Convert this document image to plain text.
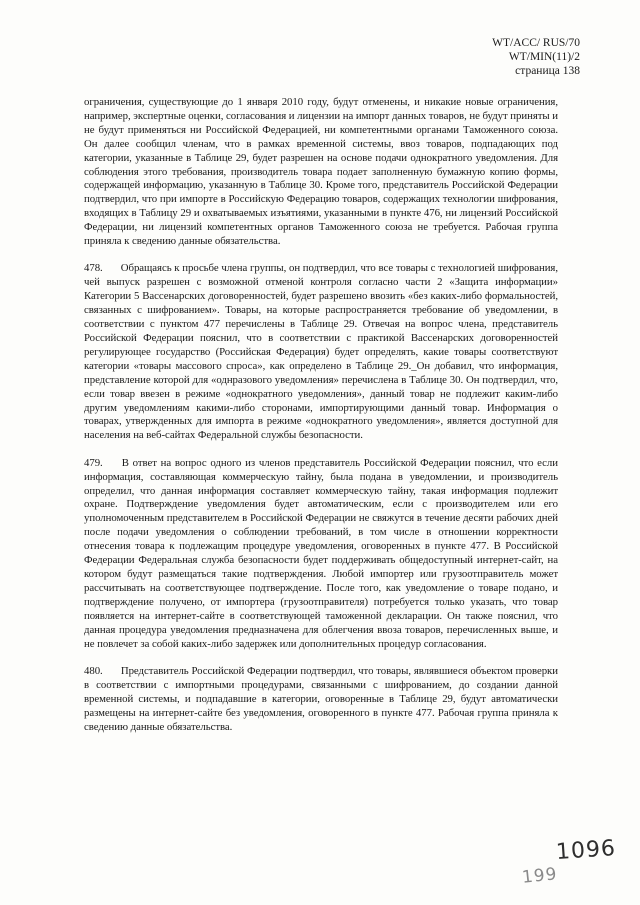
WT/ACC/ RUS/70
WT/MIN(11)/2
страница 138

ограничения, существующие до 1 января 2010 году, будут отменены, и никакие новые ограничения, например, экспертные оценки, согласования и лицензии на импорт данных товаров, не будут приняты и не будут применяться ни Российской Федерацией, ни компетентными органами Таможенного союза. Он далее сообщил членам, что в рамках временной системы, ввоз товаров, подпадающих под категории, указанные в Таблице 29, будет разрешен на основе подачи однократного уведомления. Для соблюдения этого требования, производитель товара подает заполненную бумажную копию формы, содержащей информацию, указанную в Таблице 30. Кроме того, представитель Российской Федерации подтвердил, что при импорте в Российскую Федерацию товаров, содержащих технологии шифрования, входящих в Таблицу 29 и охватываемых изъятиями, указанными в пункте 476, ни лицензий Российской Федерации, ни лицензий компетентных органов Таможенного союза не требуется. Рабочая группа приняла к сведению данные обязательства.

478. Обращаясь к просьбе члена группы, он подтвердил, что все товары с технологией шифрования, чей выпуск разрешен с возможной отменой контроля согласно части 2 «Защита информации» Категории 5 Вассенарских договоренностей, будет разрешено ввозить «без каких-либо формальностей, связанных с шифрованием». Товары, на которые распространяется требование об уведомлении, в соответствии с пунктом 477 перечислены в Таблице 29. Отвечая на вопрос члена, представитель Российской Федерации пояснил, что в соответствии с практикой Вассенарских договоренностей регулирующее государство (Российская Федерация) будет определять, какие товары соответствуют категории «товары массового спроса», как определено в Таблице 29._Он добавил, что информация, представление которой для «однразового уведомления» перечислена в Таблице 30. Он подтвердил, что, если товар ввезен в режиме «однократного уведомления», данный товар не подлежит каким-либо другим уведомлениям какими-либо сторонами, импортирующими данный товар. Информация о товарах, утвержденных для импорта в режиме «однократного уведомления», является доступной для населения на веб-сайтах Федеральной службы безопасности.

479. В ответ на вопрос одного из членов представитель Российской Федерации пояснил, что если информация, составляющая коммерческую тайну, была подана в уведомлении, и производитель определил, что данная информация составляет коммерческую тайну, такая информация подлежит охране. Подтверждение уведомления будет автоматическим, если с производителем или его уполномоченным представителем в Российской Федерации не свяжутся в течение десяти рабочих дней после подачи уведомления о соблюдении требований, в том числе в отношении корректности отнесения товара к подлежащим процедуре уведомления, оговоренных в пункте 477. В Российской Федерации Федеральная служба безопасности будет поддерживать общедоступный интернет-сайт, на котором будут размещаться такие подтверждения. Любой импортер или грузоотправитель может рассчитывать на соответствующее подтверждение. После того, как уведомление о товаре подано, и подтверждение получено, от импортера (грузоотправителя) потребуется только указать, что товар появляется на интернет-сайте в соответствующей таможенной декларации. Он также пояснил, что данная процедура уведомления предназначена для облегчения ввоза товаров, перечисленных выше, и не повлечет за собой каких-либо задержек или дополнительных процедур согласования.

480. Представитель Российской Федерации подтвердил, что товары, являвшиеся объектом проверки в соответствии с импортными процедурами, связанными с шифрованием, до создании данной временной системы, и подпадавшие в категории, оговоренные в Таблице 29, будут автоматически размещены на интернет-сайте без уведомления, оговоренного в пункте 477. Рабочая группа приняла к сведению данные обязательства.

1096
199
